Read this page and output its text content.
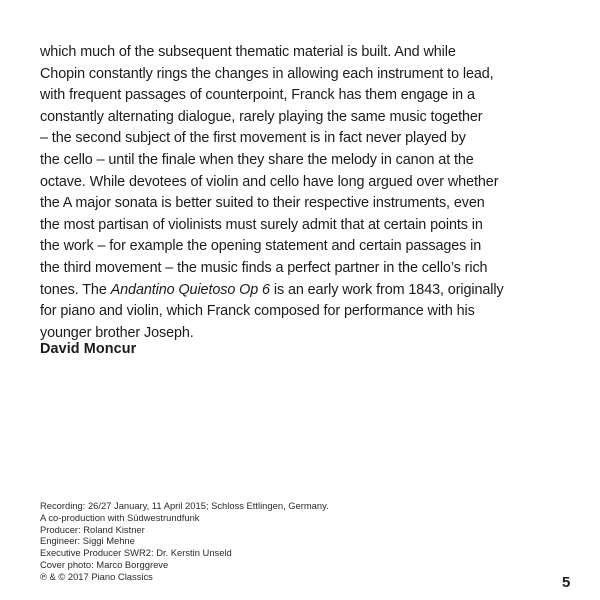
which much of the subsequent thematic material is built. And while
Chopin constantly rings the changes in allowing each instrument to lead,
with frequent passages of counterpoint, Franck has them engage in a
constantly alternating dialogue, rarely playing the same music together
– the second subject of the first movement is in fact never played by
the cello – until the finale when they share the melody in canon at the
octave. While devotees of violin and cello have long argued over whether
the A major sonata is better suited to their respective instruments, even
the most partisan of violinists must surely admit that at certain points in
the work – for example the opening statement and certain passages in
the third movement – the music finds a perfect partner in the cello’s rich
tones. The Andantino Quietoso Op 6 is an early work from 1843, originally
for piano and violin, which Franck composed for performance with his
younger brother Joseph.
David Moncur
Recording: 26/27 January, 11 April 2015; Schloss Ettlingen, Germany.
A co-production with Südwestrundfunk
Producer: Roland Kistner
Engineer: Siggi Mehne
Executive Producer SWR2: Dr. Kerstin Unseld
Cover photo: Marco Borggreve
℗ & © 2017 Piano Classics	5
